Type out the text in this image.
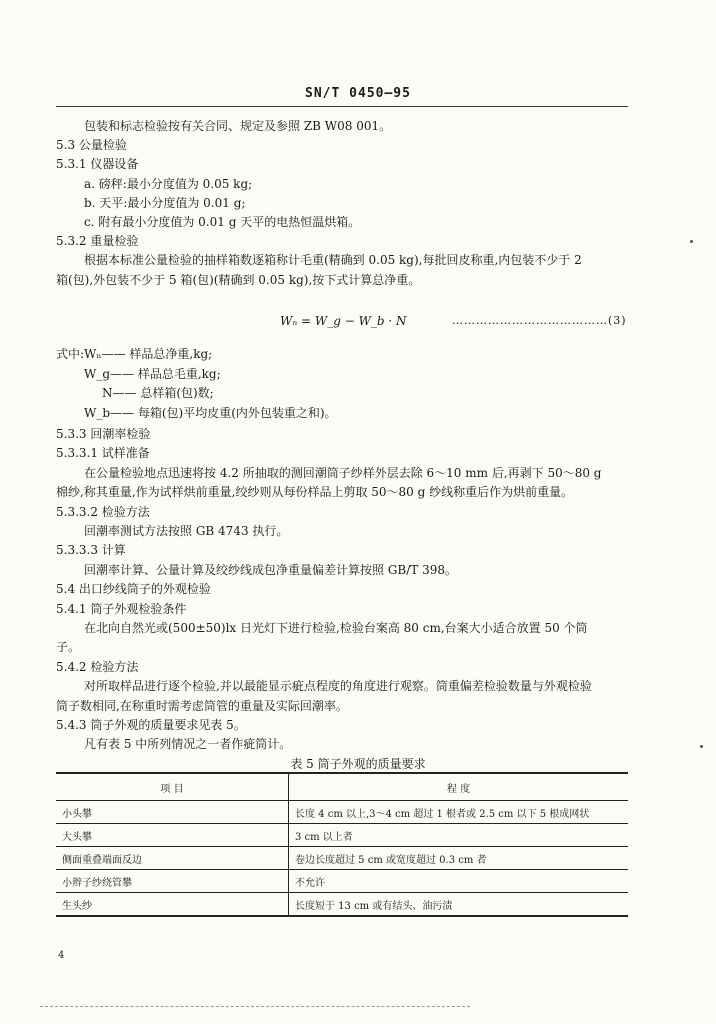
SN/T 0450—95
包装和标志检验按有关合同、规定及参照 ZB W08 001。
5.3 公量检验
5.3.1 仪器设备
a. 磅秤:最小分度值为 0.05 kg;
b. 天平:最小分度值为 0.01 g;
c. 附有最小分度值为 0.01 g 天平的电热恒温烘箱。
5.3.2 重量检验
根据本标准公量检验的抽样箱数逐箱称计毛重(精确到 0.05 kg),每批回皮称重,内包装不少于 2
箱(包),外包装不少于 5 箱(包)(精确到 0.05 kg),按下式计算总净重。
式中:Wₙ—— 样品总净重,kg;
W_g—— 样品总毛重,kg;
N—— 总样箱(包)数;
W_b—— 每箱(包)平均皮重(内外包装重之和)。
5.3.3 回潮率检验
5.3.3.1 试样准备
在公量检验地点迅速将按 4.2 所抽取的测回潮筒子纱样外层去除 6～10 mm 后,再剥下 50～80 g
棉纱,称其重量,作为试样烘前重量,绞纱则从每份样品上剪取 50～80 g 纱线称重后作为烘前重量。
5.3.3.2 检验方法
回潮率测试方法按照 GB 4743 执行。
5.3.3.3 计算
回潮率计算、公量计算及绞纱线成包净重量偏差计算按照 GB/T 398。
5.4 出口纱线筒子的外观检验
5.4.1 筒子外观检验条件
在北向自然光或(500±50)lx 日光灯下进行检验,检验台案高 80 cm,台案大小适合放置 50 个筒
子。
5.4.2 检验方法
对所取样品进行逐个检验,并以最能显示疵点程度的角度进行观察。筒重偏差检验数量与外观检验
筒子数相同,在称重时需考虑筒管的重量及实际回潮率。
5.4.3 筒子外观的质量要求见表 5。
凡有表 5 中所列情况之一者作疵筒计。
Wₙ = W_g − W_b · N	…………………………………(3)
表 5 筒子外观的质量要求
项 目	程 度
小头攀	长度 4 cm 以上,3～4 cm 超过 1 根者或 2.5 cm 以下 5 根成网状
大头攀	3 cm 以上者
侧面重叠端面反边	卷边长度超过 5 cm 或宽度超过 0.3 cm 者
小辫子纱绕管攀	不允许
生头纱	长度短于 13 cm 或有结头、油污渍
4
